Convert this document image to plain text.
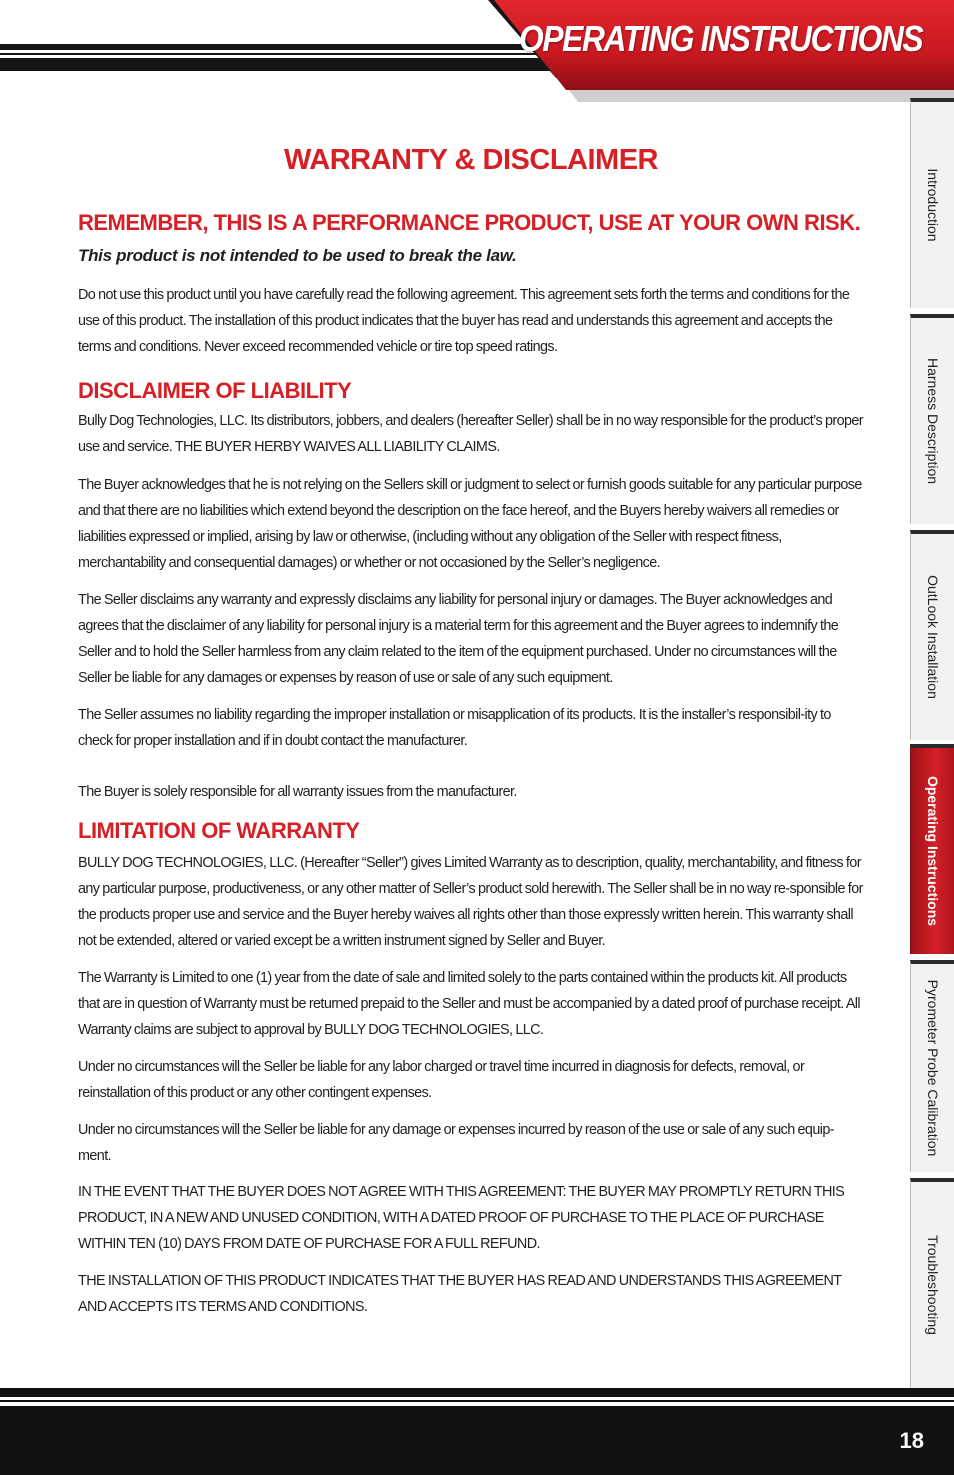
OPERATING INSTRUCTIONS
Introduction
Harness Description
OutLook Installation
Operating Instructions
Pyrometer Probe Calibration
Troubleshooting
WARRANTY & DISCLAIMER
REMEMBER, THIS IS A PERFORMANCE PRODUCT, USE AT YOUR OWN RISK.
This product is not intended to be used to break the law.

Do not use this product until you have carefully read the following agreement. This agreement sets forth the terms and conditions for the use of this product. The installation of this product indicates that the buyer has read and understands this agreement and accepts the terms and conditions. Never exceed recommended vehicle or tire top speed ratings.

DISCLAIMER OF LIABILITY

Bully Dog Technologies, LLC. Its distributors, jobbers, and dealers (hereafter Seller) shall be in no way responsible for the product’s proper use and service. THE BUYER HERBY WAIVES ALL LIABILITY CLAIMS.

The Buyer acknowledges that he is not relying on the Sellers skill or judgment to select or furnish goods suitable for any particular purpose and that there are no liabilities which extend beyond the description on the face hereof, and the Buyers hereby waivers all remedies or liabilities expressed or implied, arising by law or otherwise, (including without any obligation of the Seller with respect fitness, merchantability and consequential damages) or whether or not occasioned by the Seller’s negligence.

The Seller disclaims any warranty and expressly disclaims any liability for personal injury or damages. The Buyer acknowledges and agrees that the disclaimer of any liability for personal injury is a material term for this agreement and the Buyer agrees to indemnify the Seller and to hold the Seller harmless from any claim related to the item of the equipment purchased. Under no circumstances will the Seller be liable for any damages or expenses by reason of use or sale of any such equipment.

The Seller assumes no liability regarding the improper installation or misapplication of its products. It is the installer’s responsibil-ity to check for proper installation and if in doubt contact the manufacturer.

The Buyer is solely responsible for all warranty issues from the manufacturer.

LIMITATION OF WARRANTY

BULLY DOG TECHNOLOGIES, LLC. (Hereafter “Seller”) gives Limited Warranty as to description, quality, merchantability, and fitness for any particular purpose, productiveness, or any other matter of Seller’s product sold herewith. The Seller shall be in no way re-sponsible for the products proper use and service and the Buyer hereby waives all rights other than those expressly written herein. This warranty shall not be extended, altered or varied except be a written instrument signed by Seller and Buyer.

The Warranty is Limited to one (1) year from the date of sale and limited solely to the parts contained within the products kit. All products that are in question of Warranty must be returned prepaid to the Seller and must be accompanied by a dated proof of purchase receipt. All Warranty claims are subject to approval by BULLY DOG TECHNOLOGIES, LLC.

Under no circumstances will the Seller be liable for any labor charged or travel time incurred in diagnosis for defects, removal, or reinstallation of this product or any other contingent expenses.

Under no circumstances will the Seller be liable for any damage or expenses incurred by reason of the use or sale of any such equip-ment.

IN THE EVENT THAT THE BUYER DOES NOT AGREE WITH THIS AGREEMENT: THE BUYER MAY PROMPTLY RETURN THIS PRODUCT, IN A NEW AND UNUSED CONDITION, WITH A DATED PROOF OF PURCHASE TO THE PLACE OF PURCHASE WITHIN TEN (10) DAYS FROM DATE OF PURCHASE FOR A FULL REFUND.

THE INSTALLATION OF THIS PRODUCT INDICATES THAT THE BUYER HAS READ AND UNDERSTANDS THIS AGREEMENT AND ACCEPTS ITS TERMS AND CONDITIONS.

18
